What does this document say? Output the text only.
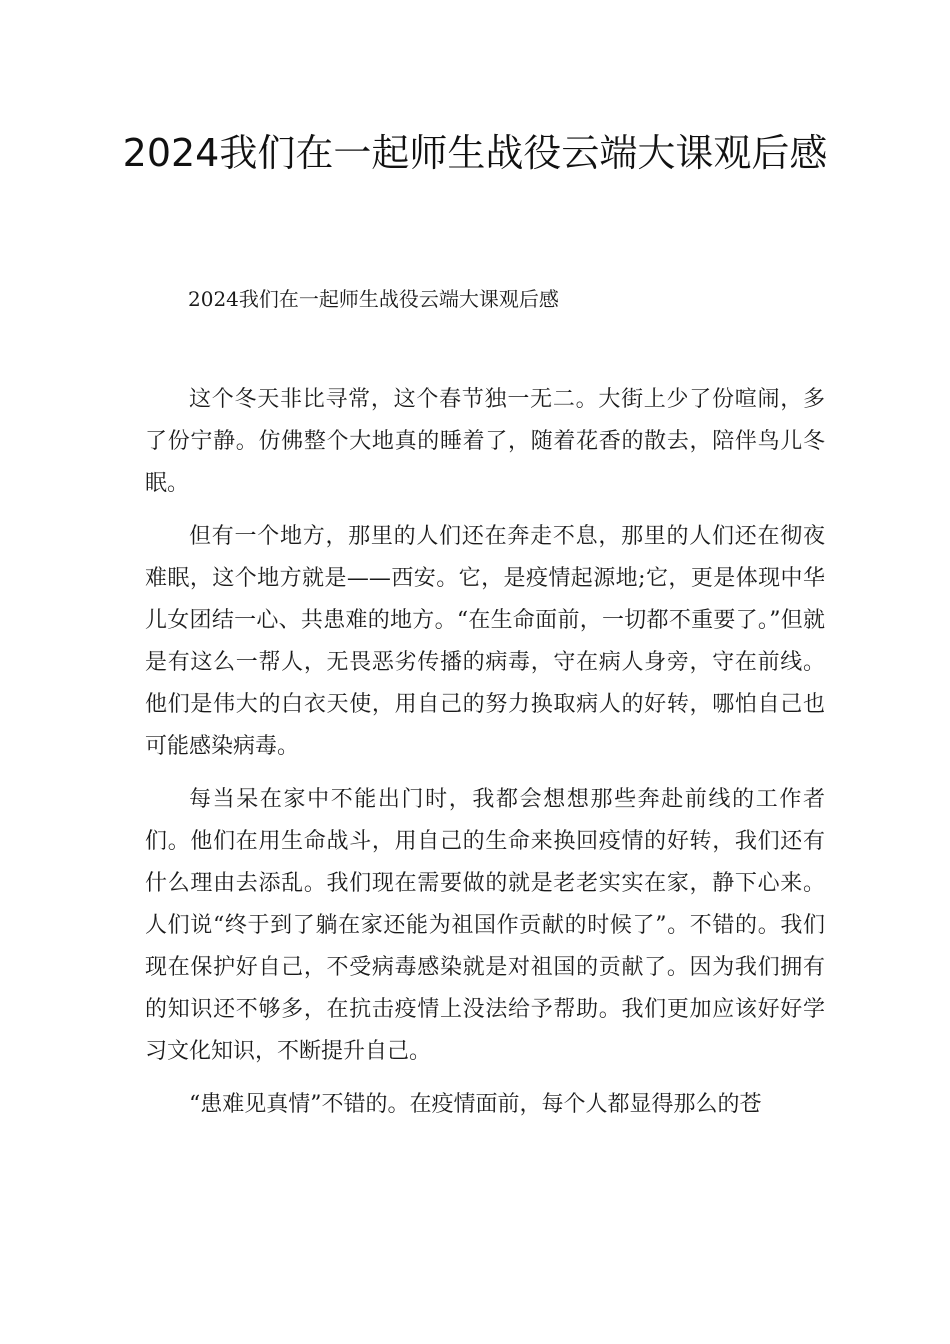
2024我们在一起师生战役云端大课观后感
2024我们在一起师生战役云端大课观后感

这个冬天非比寻常，这个春节独一无二。大街上少了份喧闹，多了份宁静。仿佛整个大地真的睡着了，随着花香的散去，陪伴鸟儿冬眠。

但有一个地方，那里的人们还在奔走不息，那里的人们还在彻夜难眠，这个地方就是——西安。它，是疫情起源地;它，更是体现中华儿女团结一心、共患难的地方。“在生命面前，一切都不重要了。”但就是有这么一帮人，无畏恶劣传播的病毒，守在病人身旁，守在前线。他们是伟大的白衣天使，用自己的努力换取病人的好转，哪怕自己也可能感染病毒。

每当呆在家中不能出门时，我都会想想那些奔赴前线的工作者们。他们在用生命战斗，用自己的生命来换回疫情的好转，我们还有什么理由去添乱。我们现在需要做的就是老老实实在家，静下心来。人们说“终于到了躺在家还能为祖国作贡献的时候了”。不错的。我们现在保护好自己，不受病毒感染就是对祖国的贡献了。因为我们拥有的知识还不够多，在抗击疫情上没法给予帮助。我们更加应该好好学习文化知识，不断提升自己。

“患难见真情”不错的。在疫情面前，每个人都显得那么的苍
